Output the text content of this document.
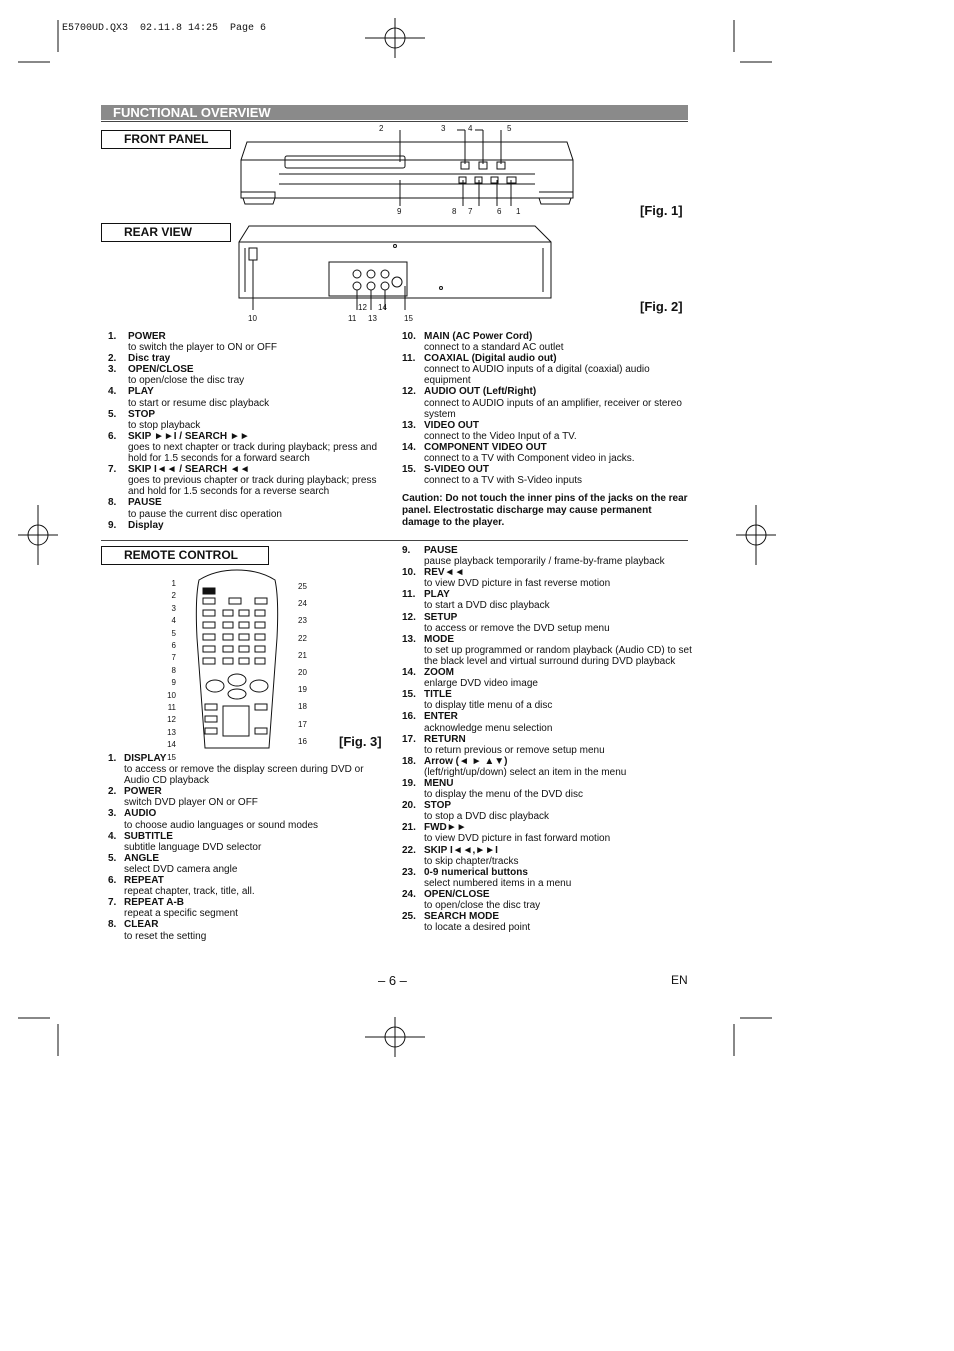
E5700UD.QX3  02.11.8 14:25  Page 6
FUNCTIONAL OVERVIEW
FRONT PANEL
2	3	4	5
9	8 7	6 1	[Fig. 1]
REAR VIEW
12 14
10	11 13	15
[Fig. 2]
1. POWER
to switch the player to ON or OFF
2. Disc tray
3. OPEN/CLOSE
to open/close the disc tray
4. PLAY
to start or resume disc playback
5. STOP
to stop playback
6. SKIP ►►I / SEARCH ►►
goes to next chapter or track during playback; press and hold for 1.5 seconds for a forward search
7. SKIP I◄◄ / SEARCH ◄◄
goes to previous chapter or track during playback; press and hold for 1.5 seconds for a reverse search
8. PAUSE
to pause the current disc operation
9. Display
10. MAIN (AC Power Cord)
connect to a standard AC outlet
11. COAXIAL (Digital audio out)
connect to AUDIO inputs of a digital (coaxial) audio equipment
12. AUDIO OUT (Left/Right)
connect to AUDIO inputs of an amplifier, receiver or stereo system
13. VIDEO OUT
connect to the Video Input of a TV.
14. COMPONENT VIDEO OUT
connect to a TV with Component video in jacks.
15. S-VIDEO OUT
connect to a TV with S-Video inputs
Caution: Do not touch the inner pins of the jacks on the rear panel. Electrostatic discharge may cause permanent damage to the player.
REMOTE CONTROL
1
2
3
4
5
6
7
8
9
10
11
12
13
14
15
25
24
23
22
21
20
19
18
17
16	[Fig. 3]
1. DISPLAY
to access or remove the display screen during DVD or Audio CD playback
2. POWER
switch DVD player ON or OFF
3. AUDIO
to choose audio languages or sound modes
4. SUBTITLE
subtitle language DVD selector
5. ANGLE
select DVD camera angle
6. REPEAT
repeat chapter, track, title, all.
7. REPEAT A-B
repeat a specific segment
8. CLEAR
to reset the setting
9. PAUSE
pause playback temporarily / frame-by-frame playback
10. REV◄◄
to view DVD picture in fast reverse motion
11. PLAY
to start a DVD disc playback
12. SETUP
to access or remove the DVD setup menu
13. MODE
to set up programmed or random playback (Audio CD) to set the black level and virtual surround during DVD playback
14. ZOOM
enlarge DVD video image
15. TITLE
to display title menu of a disc
16. ENTER
acknowledge menu selection
17. RETURN
to return previous or remove setup menu
18. Arrow (◄ ► ▲▼)
(left/right/up/down) select an item in the menu
19. MENU
to display the menu of the DVD disc
20. STOP
to stop a DVD disc playback
21. FWD►►
to view DVD picture in fast forward motion
22. SKIP I◄◄,►►I
to skip chapter/tracks
23. 0-9 numerical buttons
select numbered items in a menu
24. OPEN/CLOSE
to open/close the disc tray
25. SEARCH MODE
to locate a desired point
– 6 –	EN
